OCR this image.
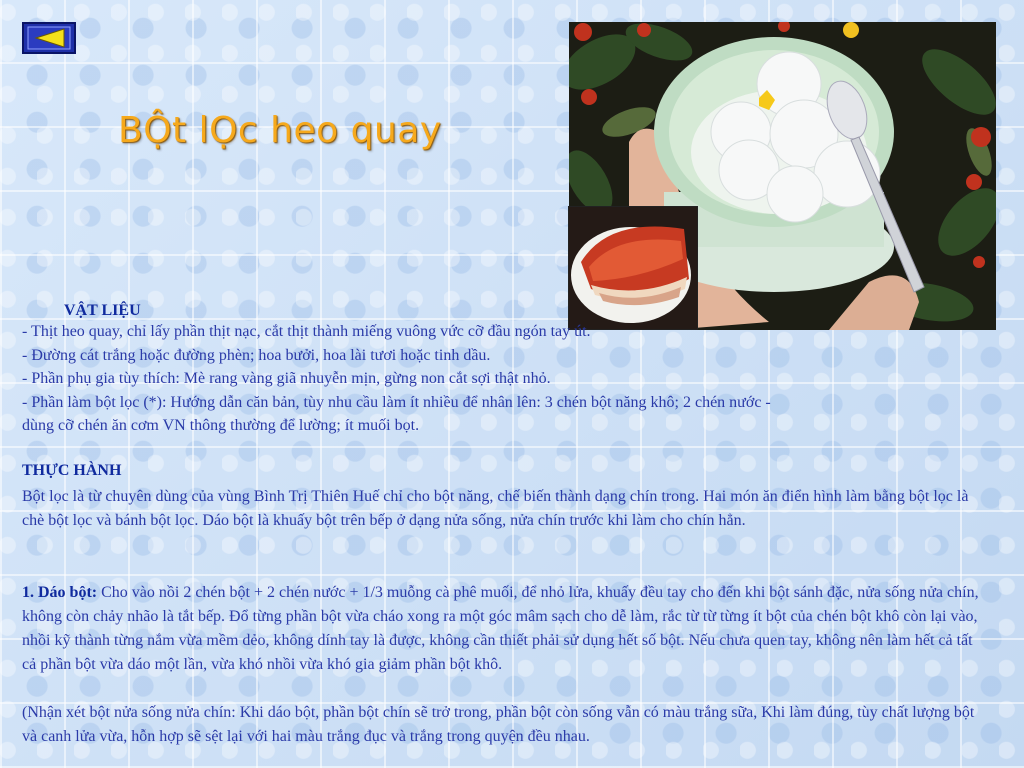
BỘt lỌc heo quay

VẬT LIỆU

- Thịt heo quay, chỉ lấy phần thịt nạc, cắt thịt thành miếng vuông vức cỡ đầu ngón tay út.
- Đường cát trắng hoặc đường phèn; hoa bưởi, hoa lài tươi hoặc tinh dầu.
- Phần phụ gia tùy thích: Mè rang vàng giã nhuyễn mịn, gừng non cắt sợi thật nhỏ.
- Phần làm bột lọc (*): Hướng dẫn căn bản, tùy nhu cầu làm ít nhiều để nhân lên: 3 chén bột năng khô; 2 chén nước -
dùng cỡ chén ăn cơm VN thông thường để lường; ít muối bọt.

THỰC HÀNH

Bột lọc là từ chuyên dùng của vùng Bình Trị Thiên Huế chỉ cho bột năng, chế biến thành dạng chín trong. Hai món ăn điển hình làm bằng bột lọc là chè bột lọc và bánh bột lọc. Dáo bột là khuấy bột trên bếp ở dạng nửa sống, nửa chín trước khi làm cho chín hẳn.

1. Dáo bột: Cho vào nồi 2 chén bột + 2 chén nước + 1/3 muỗng cà phê muối, để nhỏ lửa, khuấy đều tay cho đến khi bột sánh đặc, nửa sống nửa chín, không còn chảy nhão là tắt bếp. Đổ từng phần bột vừa cháo xong ra một góc mâm sạch cho dễ làm, rắc từ từ từng ít bột của chén bột khô còn lại vào, nhồi kỹ thành từng nắm vừa mềm dẻo, không dính tay là được, không cần thiết phải sử dụng hết số bột. Nếu chưa quen tay, không nên làm hết cả tất cả phần bột vừa dáo một lần, vừa khó nhồi vừa khó gia giảm phần bột khô.

(Nhận xét bột nửa sống nửa chín: Khi dáo bột, phần bột chín sẽ trở trong, phần bột còn sống vẫn có màu trắng sữa, Khi làm đúng, tùy chất lượng bột và canh lửa vừa, hỗn hợp sẽ sệt lại với hai màu trắng đục và trắng trong quyện đều nhau.
